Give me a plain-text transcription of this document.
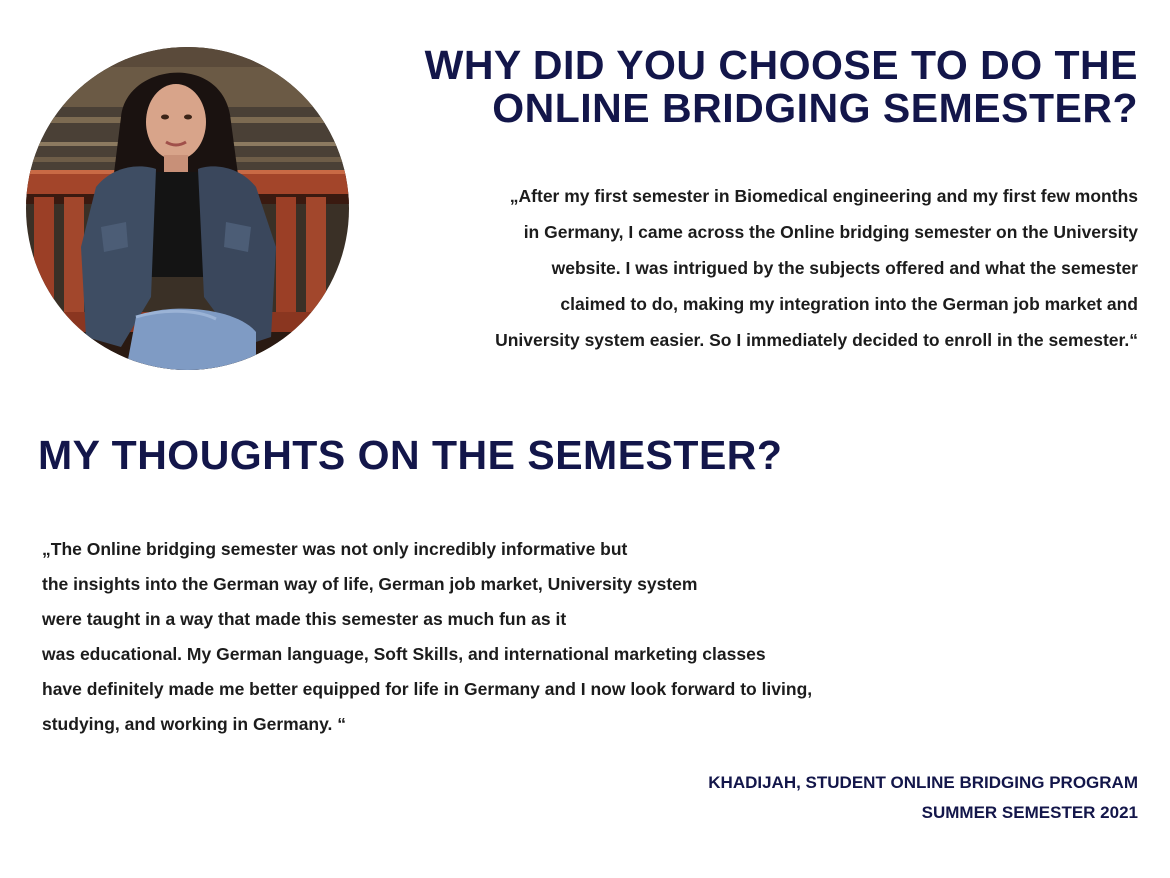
WHY DID YOU CHOOSE TO DO THE
ONLINE BRIDGING SEMESTER?

„After my first semester in Biomedical engineering and my first few months
in Germany, I came across the Online bridging semester on the University
website. I was intrigued by the subjects offered and what the semester
claimed to do, making my integration into the German job market and
University system easier. So I immediately decided to enroll in the semester.“

MY THOUGHTS ON THE SEMESTER?

„The Online bridging semester was not only incredibly informative but
the insights into the German way of life, German job market, University system
were taught in a way that made this semester as much fun as it
was educational. My German language, Soft Skills, and international marketing classes
have definitely made me better equipped for life in Germany and I now look forward to living,
studying, and working in Germany. “

KHADIJAH, STUDENT ONLINE BRIDGING PROGRAM
SUMMER SEMESTER 2021
